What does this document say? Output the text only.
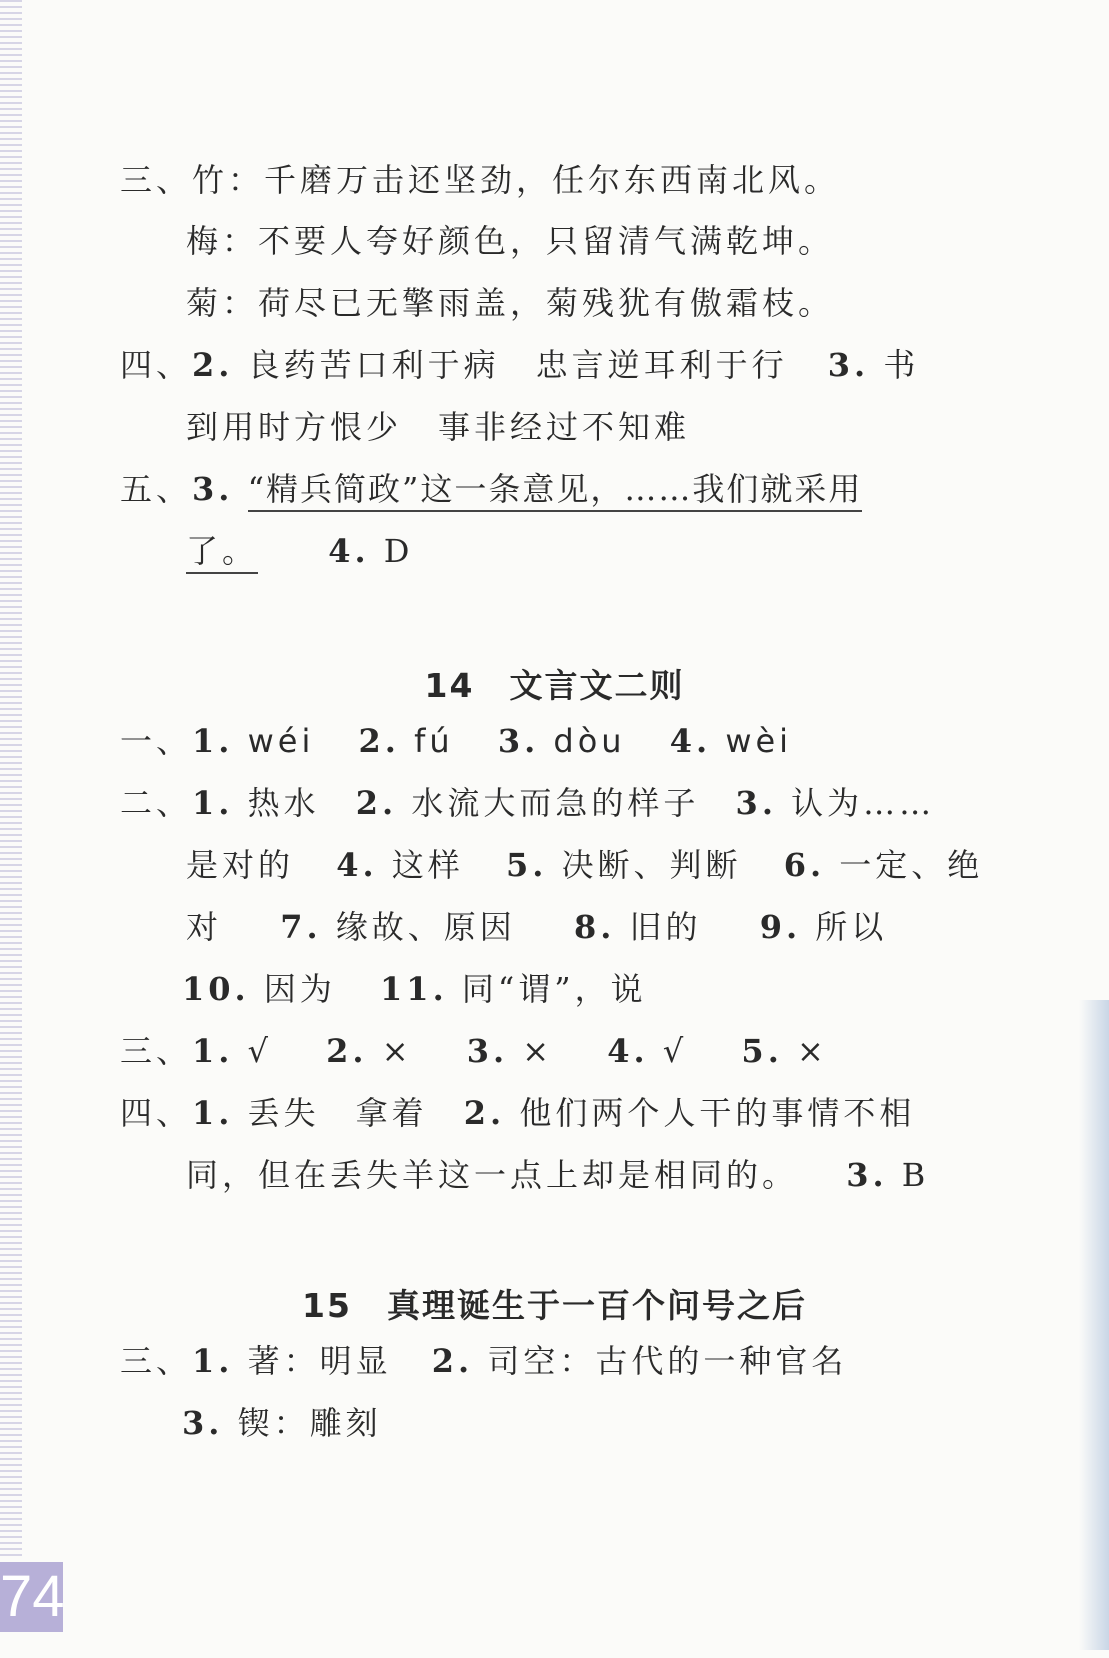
三、竹：千磨万击还坚劲，任尔东西南北风。
梅：不要人夸好颜色，只留清气满乾坤。
菊：荷尽已无擎雨盖，菊残犹有傲霜枝。
四、2. 良药苦口利于病　忠言逆耳利于行 3. 书
到用时方恨少　事非经过不知难
五、3. “精兵简政”这一条意见，……我们就采用
了。 4. D
14　文言文二则
一、1. wéi 2. fú 3. dòu 4. wèi
二、1. 热水 2. 水流大而急的样子 3. 认为……
是对的 4. 这样 5. 决断、判断 6. 一定、绝
对 7. 缘故、原因 8. 旧的 9. 所以
10. 因为 11. 同“谓”，说
三、1. √ 2. × 3. × 4. √ 5. ×
四、1. 丢失　拿着 2. 他们两个人干的事情不相
同，但在丢失羊这一点上却是相同的。 3. B
15　真理诞生于一百个问号之后
三、1. 著：明显 2. 司空：古代的一种官名
3. 锲：雕刻
74
